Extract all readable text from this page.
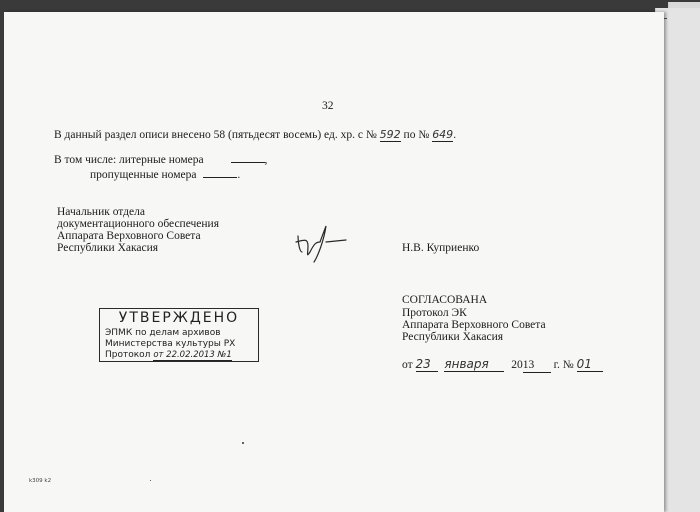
32
В данный раздел описи внесено 58 (пятьдесят восемь) ед. хр. с № 592 по № 649.
В том числе: литерные номера	,
пропущенные номера	.
Начальник отдела
документационного обеспечения
Аппарата Верховного Совета
Республики Хакасия	Н.В. Куприенко
СОГЛАСОВАНА
Протокол ЭК
Аппарата Верховного Совета
Республики Хакасия
от 23 января 2013 г. № 01
k309 k2
УТВЕРЖДЕНО
ЭПМК по делам архивов
Министерства культуры РХ
Протокол от 22.02.2013 №1
